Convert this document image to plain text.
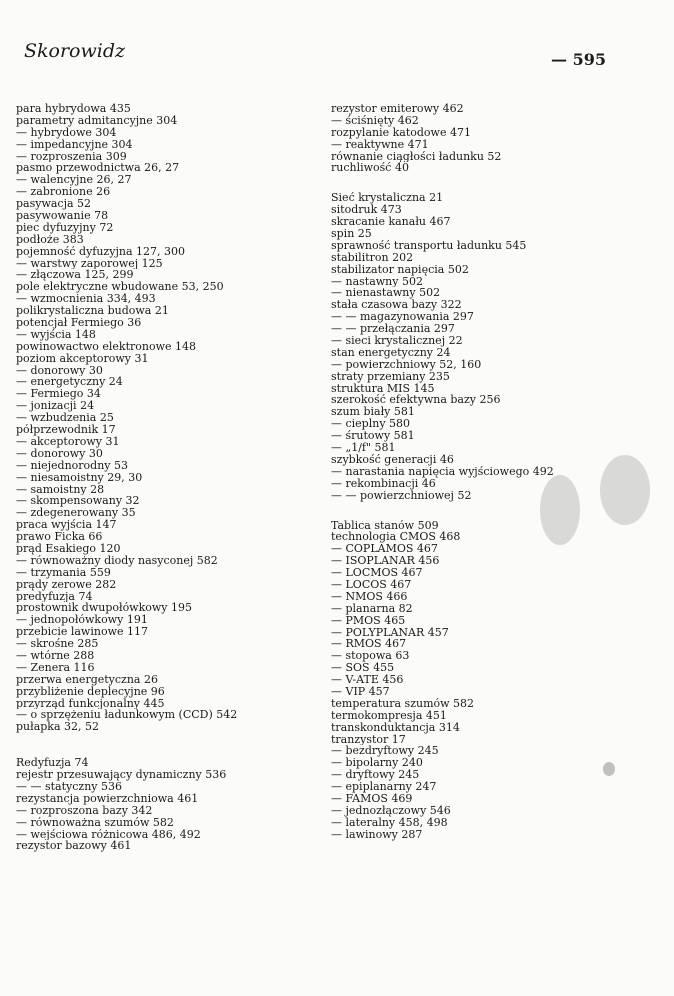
Skorowidz	— 595
para hybrydowa 435
parametry admitancyjne 304
— hybrydowe 304
— impedancyjne 304
— rozproszenia 309
pasmo przewodnictwa 26, 27
— walencyjne 26, 27
— zabronione 26
pasywacja 52
pasywowanie 78
piec dyfuzyjny 72
podłoże 383
pojemność dyfuzyjna 127, 300
— warstwy zaporowej 125
— złączowa 125, 299
pole elektryczne wbudowane 53, 250
— wzmocnienia 334, 493
polikrystaliczna budowa 21
potencjał Fermiego 36
— wyjścia 148
powinowactwo elektronowe 148
poziom akceptorowy 31
— donorowy 30
— energetyczny 24
— Fermiego 34
— jonizacji 24
— wzbudzenia 25
półprzewodnik 17
— akceptorowy 31
— donorowy 30
— niejednorodny 53
— niesamoistny 29, 30
— samoistny 28
— skompensowany 32
— zdegenerowany 35
praca wyjścia 147
prawo Ficka 66
prąd Esakiego 120
— równoważny diody nasyconej 582
— trzymania 559
prądy zerowe 282
predyfuzja 74
prostownik dwupołówkowy 195
— jednopołówkowy 191
przebicie lawinowe 117
— skrośne 285
— wtórne 288
— Zenera 116
przerwa energetyczna 26
przybliżenie deplecyjne 96
przyrząd funkcjonalny 445
— o sprzężeniu ładunkowym (CCD) 542
pułapka 32, 52
Redyfuzja 74
rejestr przesuwający dynamiczny 536
— — statyczny 536
rezystancja powierzchniowa 461
— rozproszona bazy 342
— równoważna szumów 582
— wejściowa różnicowa 486, 492
rezystor bazowy 461
rezystor emiterowy 462
— ściśnięty 462
rozpylanie katodowe 471
— reaktywne 471
równanie ciągłości ładunku 52
ruchliwość 40
Sieć krystaliczna 21
sitodruk 473
skracanie kanału 467
spin 25
sprawność transportu ładunku 545
stabilitron 202
stabilizator napięcia 502
— nastawny 502
— nienastawny 502
stała czasowa bazy 322
— — magazynowania 297
— — przełączania 297
— sieci krystalicznej 22
stan energetyczny 24
— powierzchniowy 52, 160
straty przemiany 235
struktura MIS 145
szerokość efektywna bazy 256
szum biały 581
— cieplny 580
— śrutowy 581
— „1/f" 581
szybkość generacji 46
— narastania napięcia wyjściowego 492
— rekombinacji 46
— — powierzchniowej 52
Tablica stanów 509
technologia CMOS 468
— COPLAMOS 467
— ISOPLANAR 456
— LOCMOS 467
— LOCOS 467
— NMOS 466
— planarna 82
— PMOS 465
— POLYPLANAR 457
— RMOS 467
— stopowa 63
— SOS 455
— V-ATE 456
— VIP 457
temperatura szumów 582
termokompresja 451
transkonduktancja 314
tranzystor 17
— bezdryftowy 245
— bipolarny 240
— dryftowy 245
— epiplanarny 247
— FAMOS 469
— jednozłączowy 546
— lateralny 458, 498
— lawinowy 287
